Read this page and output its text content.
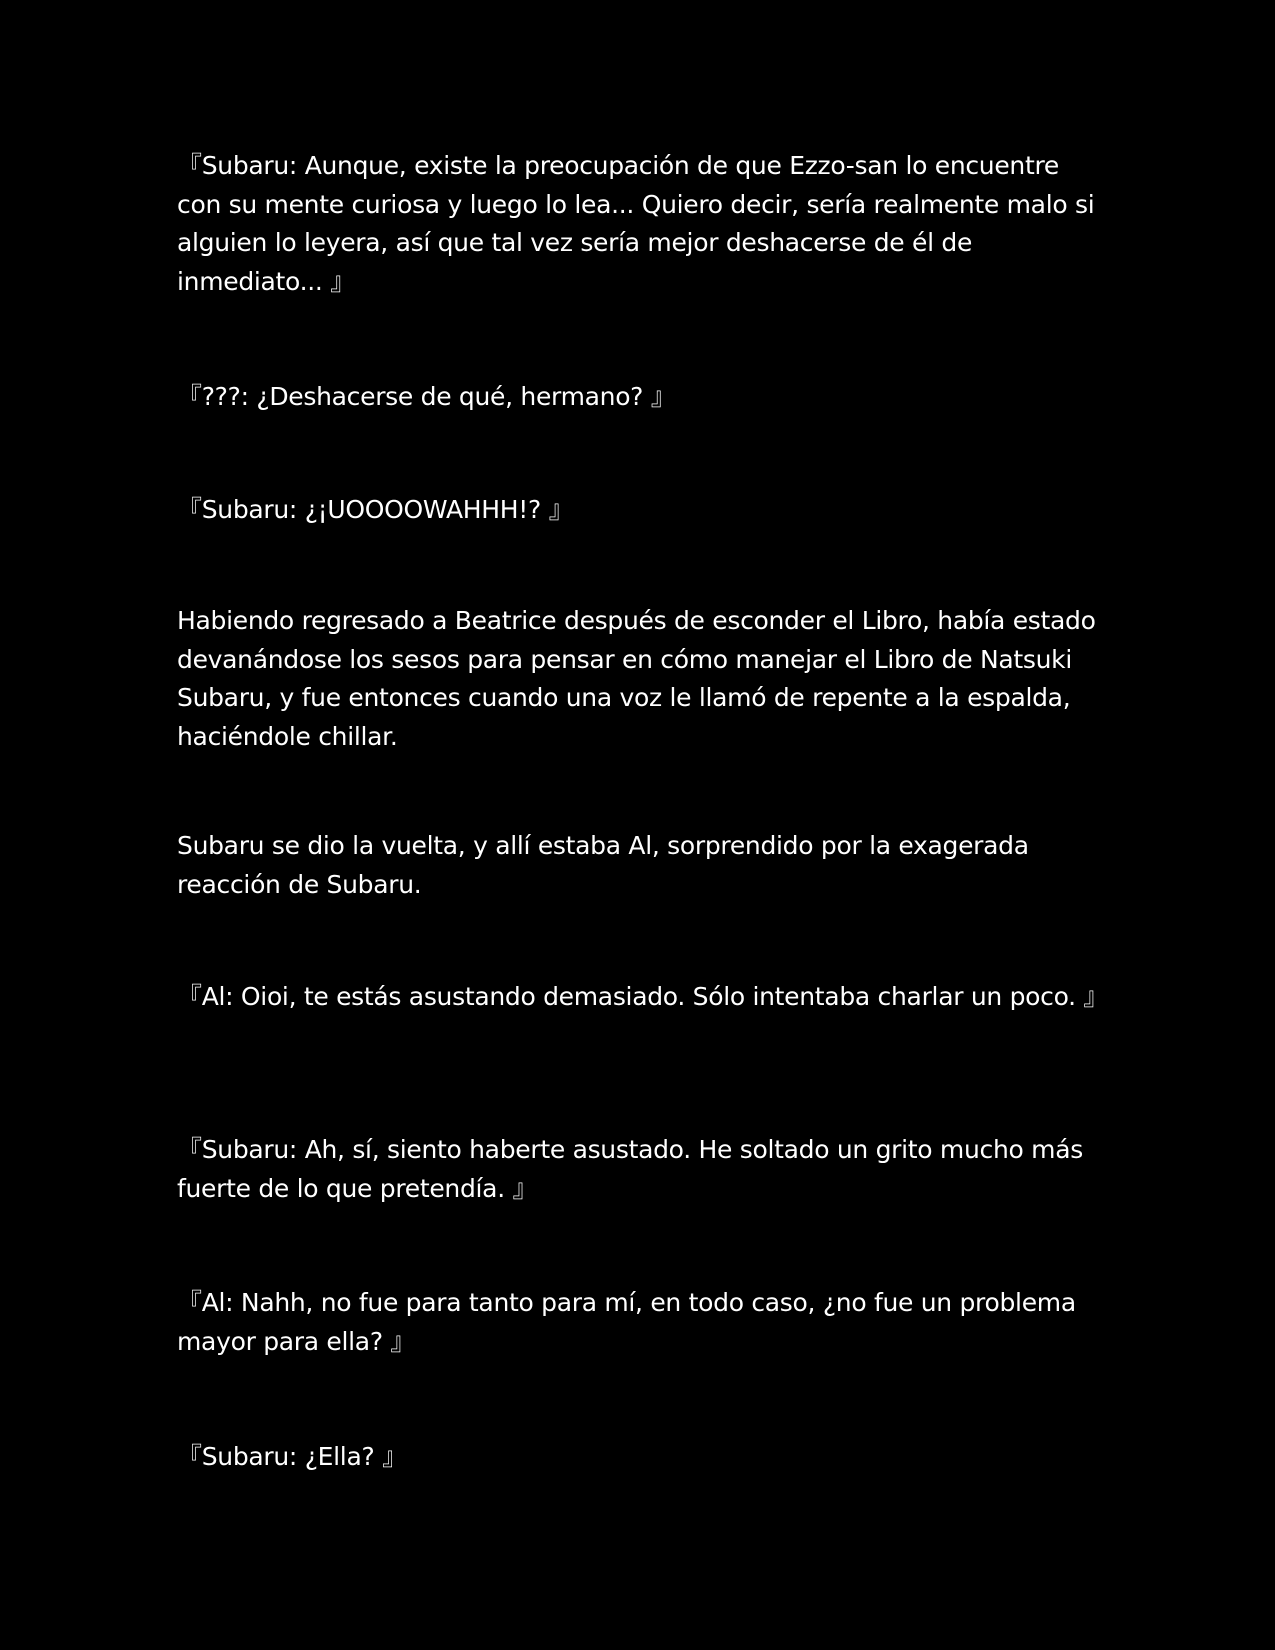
『Subaru: Aunque, existe la preocupación de que Ezzo-san lo encuentre con su mente curiosa y luego lo lea... Quiero decir, sería realmente malo si alguien lo leyera, así que tal vez sería mejor deshacerse de él de inmediato... 』

『???: ¿Deshacerse de qué, hermano? 』

『Subaru: ¿¡UOOOOWAHHH!? 』

Habiendo regresado a Beatrice después de esconder el Libro, había estado devanándose los sesos para pensar en cómo manejar el Libro de Natsuki Subaru, y fue entonces cuando una voz le llamó de repente a la espalda, haciéndole chillar.

Subaru se dio la vuelta, y allí estaba Al, sorprendido por la exagerada reacción de Subaru.

『Al: Oioi, te estás asustando demasiado. Sólo intentaba charlar un poco. 』

『Subaru: Ah, sí, siento haberte asustado. He soltado un grito mucho más fuerte de lo que pretendía. 』

『Al: Nahh, no fue para tanto para mí, en todo caso, ¿no fue un problema mayor para ella? 』

『Subaru: ¿Ella? 』
